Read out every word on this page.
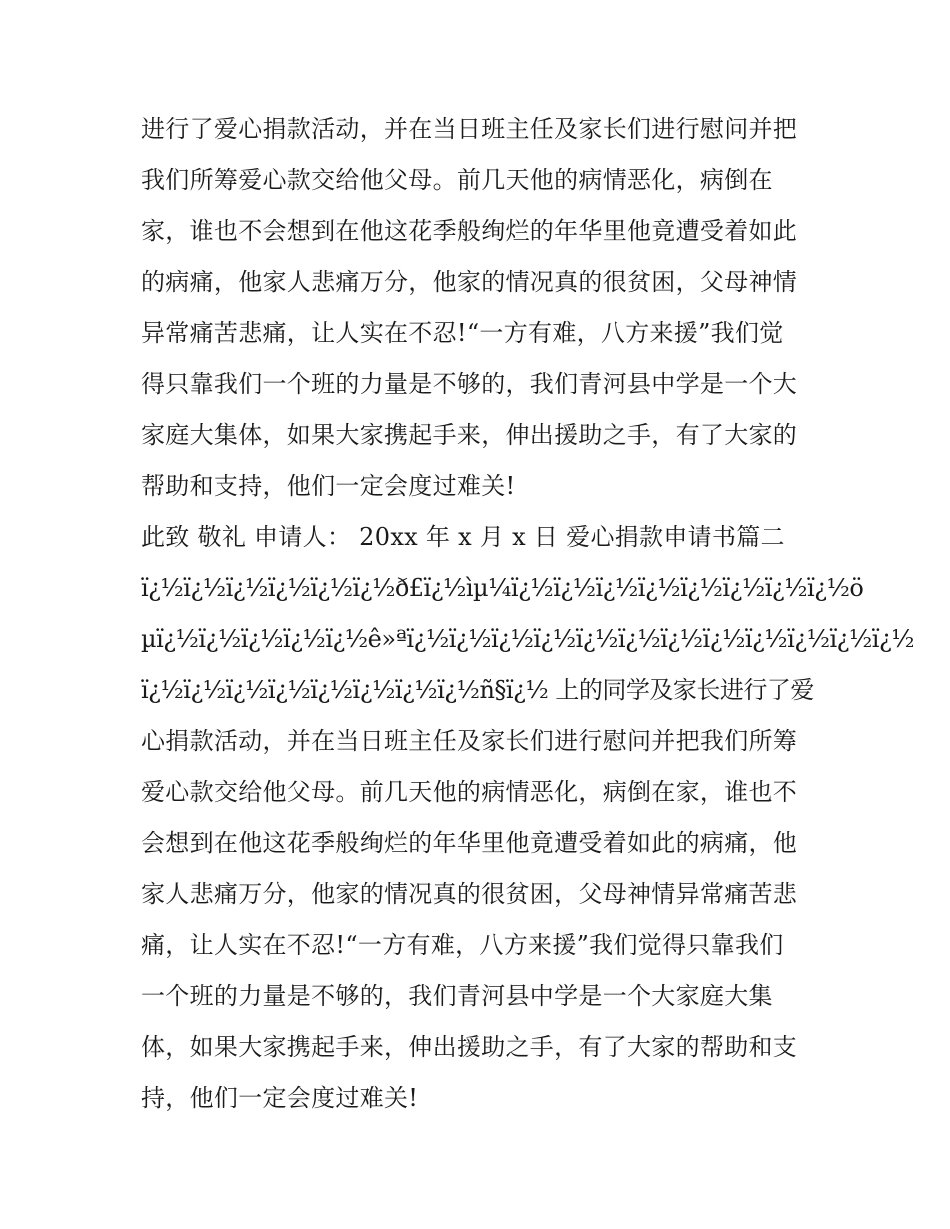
进行了爱心捐款活动，并在当日班主任及家长们进行慰问并把
我们所筹爱心款交给他父母。前几天他的病情恶化，病倒在
家，谁也不会想到在他这花季般绚烂的年华里他竟遭受着如此
的病痛，他家人悲痛万分，他家的情况真的很贫困，父母神情
异常痛苦悲痛，让人实在不忍!“一方有难，八方来援”我们觉
得只靠我们一个班的力量是不够的，我们青河县中学是一个大
家庭大集体，如果大家携起手来，伸出援助之手，有了大家的
帮助和支持，他们一定会度过难关!
此致 敬礼 申请人： 20xx 年 x 月 x 日 爱心捐款申请书篇二
ï¿½ï¿½ï¿½ï¿½ï¿½ï¿½ð£ï¿½ìµ¼ï¿½ï¿½ï¿½ï¿½ï¿½ï¿½ï¿½ï¿½ö
µï¿½ï¿½ï¿½ï¿½ï¿½ê»ªï¿½ï¿½ï¿½ï¿½ï¿½ï¿½ï¿½ï¿½ï¿½ï¿½ï¿½ï¿½
ï¿½ï¿½ï¿½ï¿½ï¿½ï¿½ï¿½ï¿½ñ§ï¿½ 上的同学及家长进行了爱
心捐款活动，并在当日班主任及家长们进行慰问并把我们所筹
爱心款交给他父母。前几天他的病情恶化，病倒在家，谁也不
会想到在他这花季般绚烂的年华里他竟遭受着如此的病痛，他
家人悲痛万分，他家的情况真的很贫困，父母神情异常痛苦悲
痛，让人实在不忍!“一方有难，八方来援”我们觉得只靠我们
一个班的力量是不够的，我们青河县中学是一个大家庭大集
体，如果大家携起手来，伸出援助之手，有了大家的帮助和支
持，他们一定会度过难关!
